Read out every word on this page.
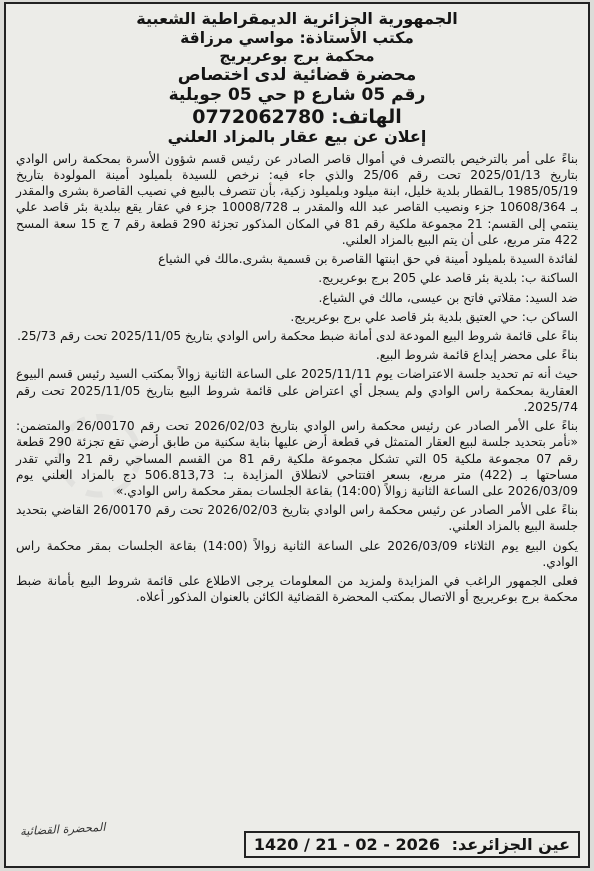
الجمهورية الجزائرية الديمقراطية الشعبية
مكتب الأستاذة: مواسي مرزاقة
محكمة برج بوعريريج
محضرة قضائية لدى اختصاص
رقم 05 شارع p حي 05 جويلية
الهاتف: 0772062780
إعلان عن بيع عقار بالمزاد العلني

بناءً على أمر بالترخيص بالتصرف في أموال قاصر الصادر عن رئيس قسم شؤون الأسرة بمحكمة راس الوادي بتاريخ 2025/01/13 تحت رقم 25/06 والذي جاء فيه: نرخص للسيدة بلميلود أمينة المولودة بتاريخ 1985/05/19 بـالقطار بلدية خليل، ابنة ميلود وبلميلود زكية، بأن تتصرف بالبيع في نصيب القاصرة بشرى والمقدر بـ 10608/364 جزء ونصيب القاصر عبد الله والمقدر بـ 10008/728 جزء في عقار يقع ببلدية بئر قاصد علي ينتمي إلى القسم: 21 مجموعة ملكية رقم 81 في المكان المذكور تجزئة 290 قطعة رقم 7 ج 15 سعة المسح 422 متر مربع، على أن يتم البيع بالمزاد العلني.

لفائدة السيدة بلميلود أمينة في حق ابنتها القاصرة بن قسمية بشرى.مالك في الشياع

الساكنة ب: بلدية بئر قاصد علي 205 برج بوعريريج.

ضد السيد: مقلاتي فاتح بن عيسى، مالك في الشياع.

الساكن ب: حي العتيق بلدية بئر قاصد علي برج بوعريريج.

بناءً على قائمة شروط البيع المودعة لدى أمانة ضبط محكمة راس الوادي بتاريخ 2025/11/05 تحت رقم 25/73.

بناءً على محضر إيداع قائمة شروط البيع.

حيث أنه تم تحديد جلسة الاعتراضات يوم 2025/11/11 على الساعة الثانية زوالاً بمكتب السيد رئيس قسم البيوع العقارية بمحكمة راس الوادي ولم يسجل أي اعتراض على قائمة شروط البيع بتاريخ 2025/11/05 تحت رقم 2025/74.

بناءً على الأمر الصادر عن رئيس محكمة راس الوادي بتاريخ 2026/02/03 تحت رقم 26/00170 والمتضمن: «نأمر بتحديد جلسة لبيع العقار المتمثل في قطعة أرض عليها بناية سكنية من طابق أرضي تقع تجزئة 290 قطعة رقم 07 مجموعة ملكية 05 التي تشكل مجموعة ملكية رقم 81 من القسم المساحي رقم 21 والتي تقدر مساحتها بـ (422) متر مربع، بسعر افتتاحي لانطلاق المزايدة بـ: 506.813,73 دج بالمزاد العلني يوم 2026/03/09 على الساعة الثانية زوالاً (14:00) بقاعة الجلسات بمقر محكمة راس الوادي.»

بناءً على الأمر الصادر عن رئيس محكمة راس الوادي بتاريخ 2026/02/03 تحت رقم 26/00170 القاضي بتحديد جلسة البيع بالمزاد العلني.

يكون البيع يوم الثلاثاء 2026/03/09 على الساعة الثانية زوالاً (14:00) بقاعة الجلسات بمقر محكمة راس الوادي.

فعلى الجمهور الراغب في المزايدة ولمزيد من المعلومات يرجى الاطلاع على قائمة شروط البيع بأمانة ضبط محكمة برج بوعريريج أو الاتصال بمكتب المحضرة القضائية الكائن بالعنوان المذكور أعلاه.

عين الجزائرعد: 1420 / 21 - 02 - 2026
المحضرة القضائية
